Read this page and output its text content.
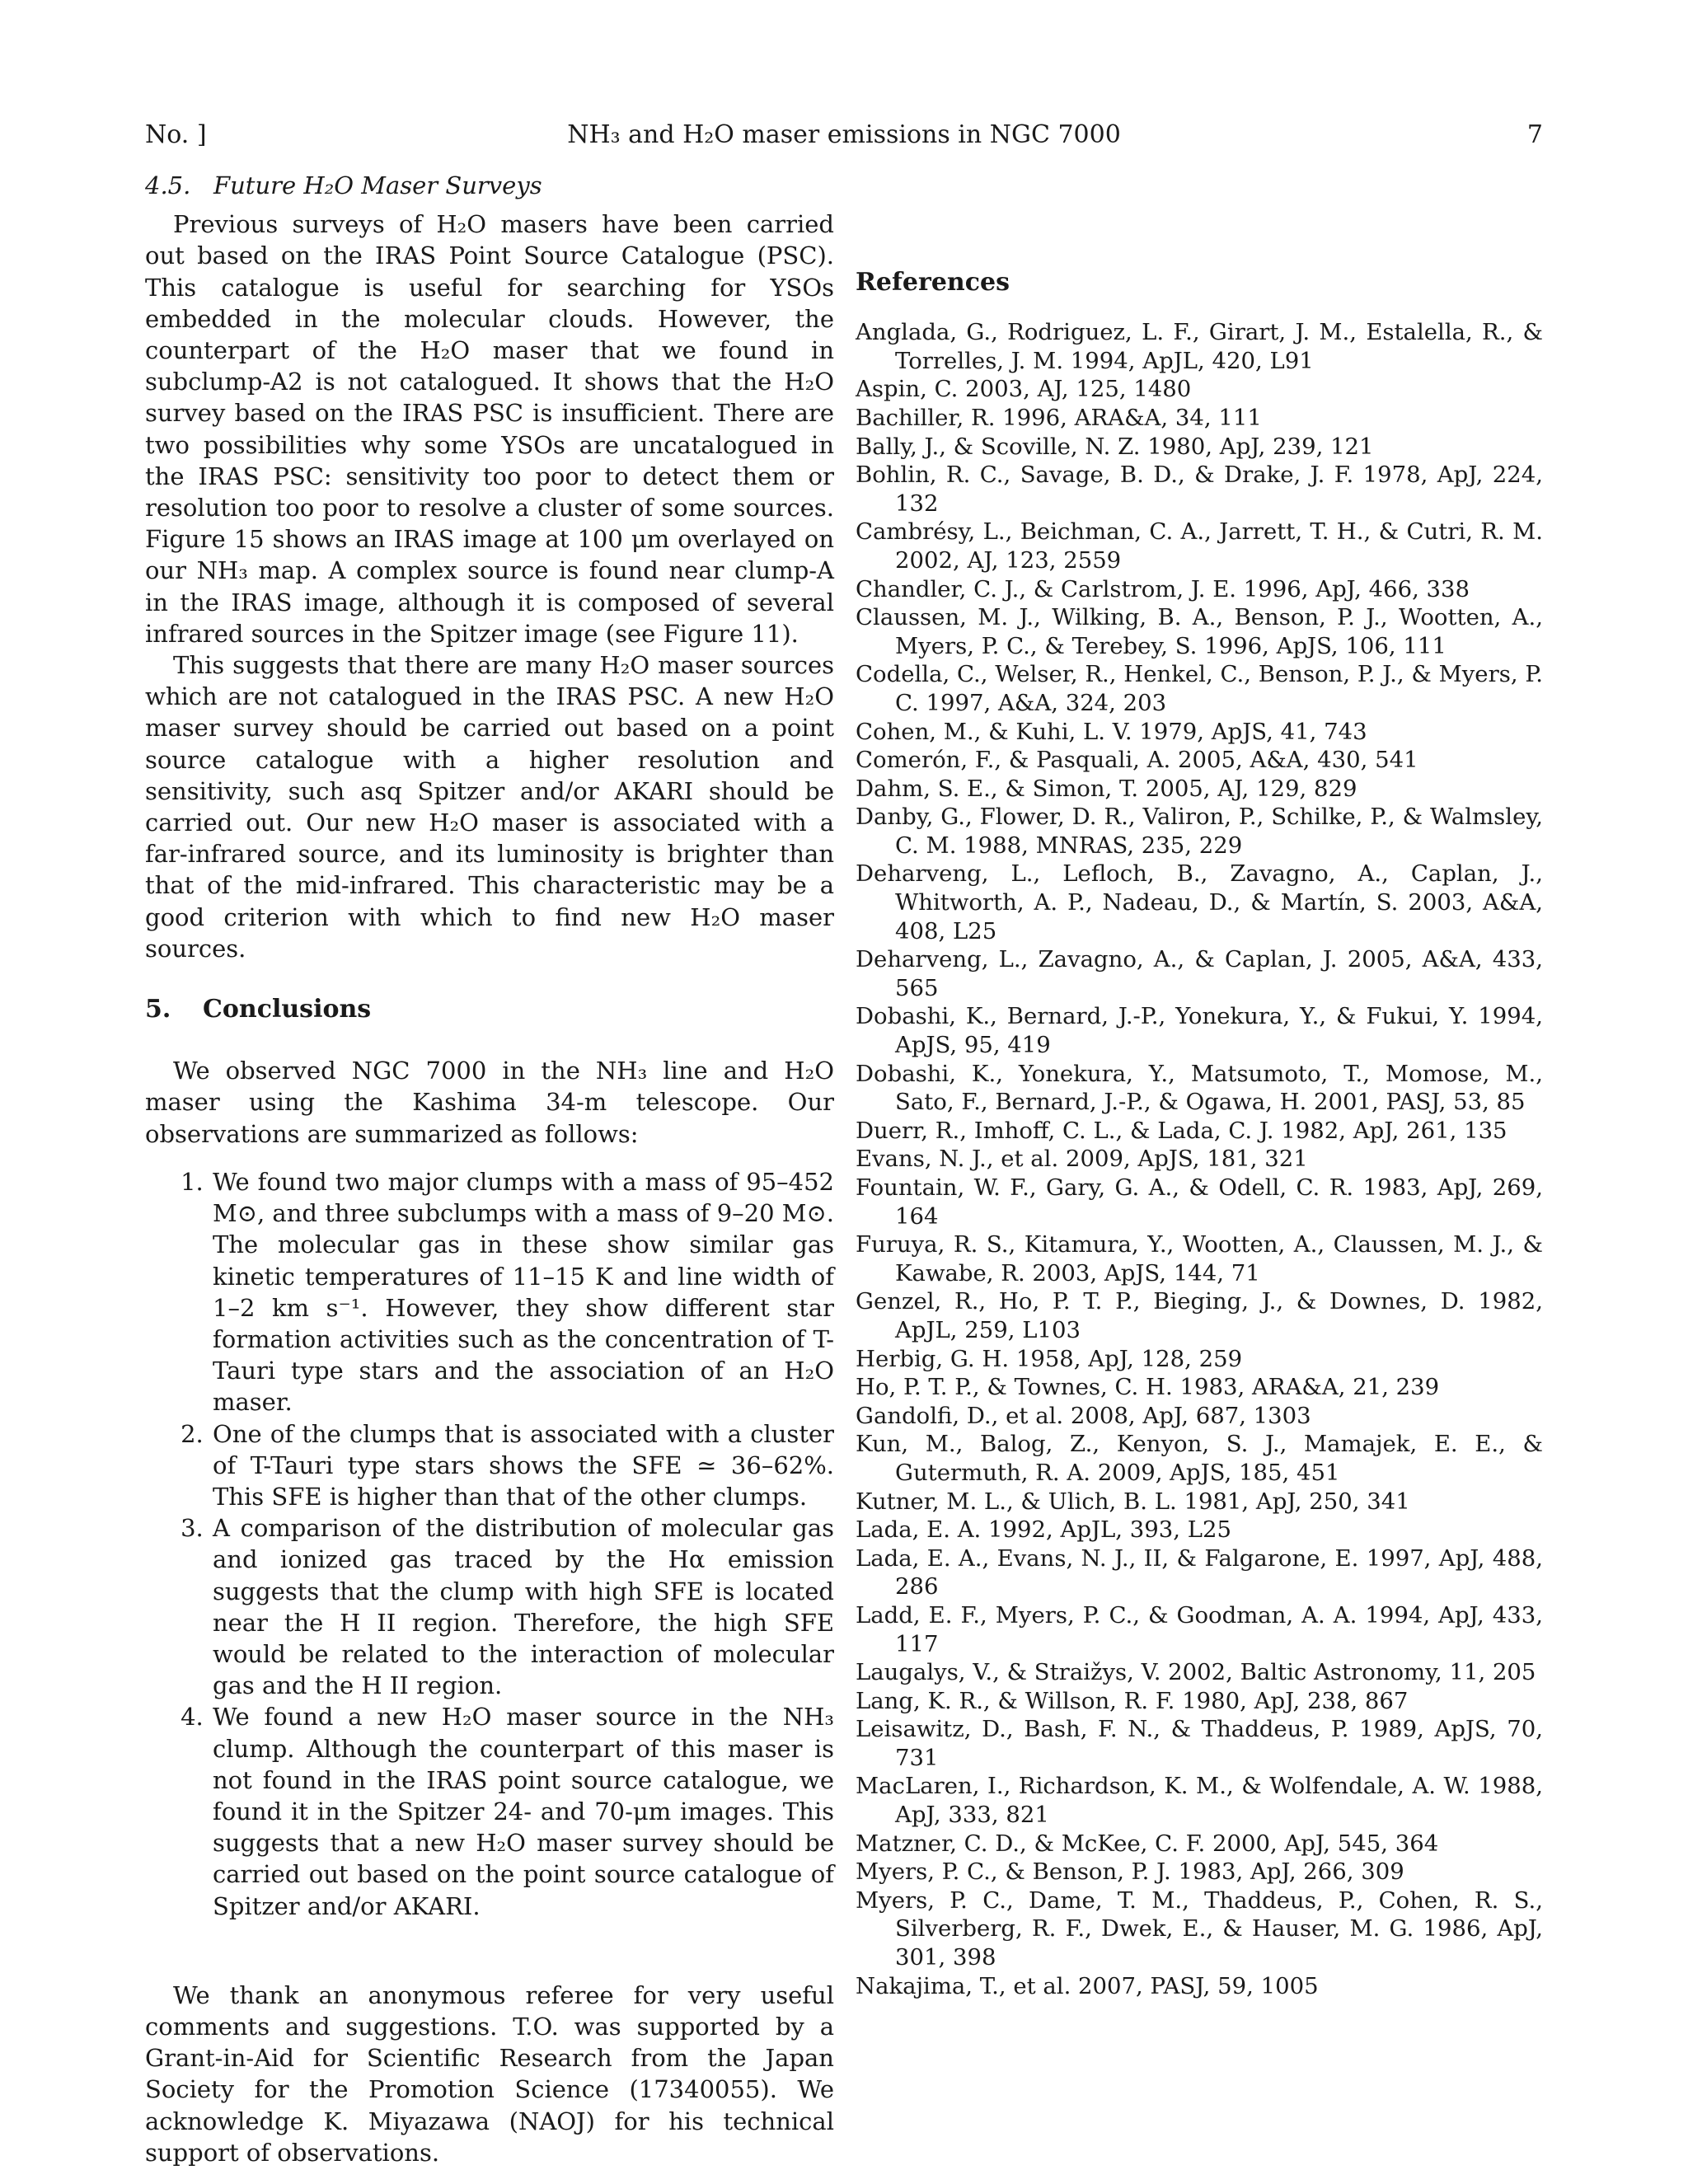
No. ]	NH₃ and H₂O maser emissions in NGC 7000	7
4.5. Future H₂O Maser Surveys

Previous surveys of H₂O masers have been carried out based on the IRAS Point Source Catalogue (PSC). This catalogue is useful for searching for YSOs embedded in the molecular clouds. However, the counterpart of the H₂O maser that we found in subclump-A2 is not catalogued. It shows that the H₂O survey based on the IRAS PSC is insufficient. There are two possibilities why some YSOs are uncatalogued in the IRAS PSC: sensitivity too poor to detect them or resolution too poor to resolve a cluster of some sources. Figure 15 shows an IRAS image at 100 μm overlayed on our NH₃ map. A complex source is found near clump-A in the IRAS image, although it is composed of several infrared sources in the Spitzer image (see Figure 11).

This suggests that there are many H₂O maser sources which are not catalogued in the IRAS PSC. A new H₂O maser survey should be carried out based on a point source catalogue with a higher resolution and sensitivity, such asq Spitzer and/or AKARI should be carried out. Our new H₂O maser is associated with a far-infrared source, and its luminosity is brighter than that of the mid-infrared. This characteristic may be a good criterion with which to find new H₂O maser sources.

5. Conclusions

We observed NGC 7000 in the NH₃ line and H₂O maser using the Kashima 34-m telescope. Our observations are summarized as follows:

1. We found two major clumps with a mass of 95–452 M⊙, and three subclumps with a mass of 9–20 M⊙. The molecular gas in these show similar gas kinetic temperatures of 11–15 K and line width of 1–2 km s⁻¹. However, they show different star formation activities such as the concentration of T-Tauri type stars and the association of an H₂O maser.
2. One of the clumps that is associated with a cluster of T-Tauri type stars shows the SFE ≃ 36–62%. This SFE is higher than that of the other clumps.
3. A comparison of the distribution of molecular gas and ionized gas traced by the Hα emission suggests that the clump with high SFE is located near the H II region. Therefore, the high SFE would be related to the interaction of molecular gas and the H II region.
4. We found a new H₂O maser source in the NH₃ clump. Although the counterpart of this maser is not found in the IRAS point source catalogue, we found it in the Spitzer 24- and 70-μm images. This suggests that a new H₂O maser survey should be carried out based on the point source catalogue of Spitzer and/or AKARI.

We thank an anonymous referee for very useful comments and suggestions. T.O. was supported by a Grant-in-Aid for Scientific Research from the Japan Society for the Promotion Science (17340055). We acknowledge K. Miyazawa (NAOJ) for his technical support of observations.

References

Anglada, G., Rodriguez, L. F., Girart, J. M., Estalella, R., & Torrelles, J. M. 1994, ApJL, 420, L91

Aspin, C. 2003, AJ, 125, 1480

Bachiller, R. 1996, ARA&A, 34, 111

Bally, J., & Scoville, N. Z. 1980, ApJ, 239, 121

Bohlin, R. C., Savage, B. D., & Drake, J. F. 1978, ApJ, 224, 132

Cambrésy, L., Beichman, C. A., Jarrett, T. H., & Cutri, R. M. 2002, AJ, 123, 2559

Chandler, C. J., & Carlstrom, J. E. 1996, ApJ, 466, 338

Claussen, M. J., Wilking, B. A., Benson, P. J., Wootten, A., Myers, P. C., & Terebey, S. 1996, ApJS, 106, 111

Codella, C., Welser, R., Henkel, C., Benson, P. J., & Myers, P. C. 1997, A&A, 324, 203

Cohen, M., & Kuhi, L. V. 1979, ApJS, 41, 743

Comerón, F., & Pasquali, A. 2005, A&A, 430, 541

Dahm, S. E., & Simon, T. 2005, AJ, 129, 829

Danby, G., Flower, D. R., Valiron, P., Schilke, P., & Walmsley, C. M. 1988, MNRAS, 235, 229

Deharveng, L., Lefloch, B., Zavagno, A., Caplan, J., Whitworth, A. P., Nadeau, D., & Martín, S. 2003, A&A, 408, L25

Deharveng, L., Zavagno, A., & Caplan, J. 2005, A&A, 433, 565

Dobashi, K., Bernard, J.-P., Yonekura, Y., & Fukui, Y. 1994, ApJS, 95, 419

Dobashi, K., Yonekura, Y., Matsumoto, T., Momose, M., Sato, F., Bernard, J.-P., & Ogawa, H. 2001, PASJ, 53, 85

Duerr, R., Imhoff, C. L., & Lada, C. J. 1982, ApJ, 261, 135

Evans, N. J., et al. 2009, ApJS, 181, 321

Fountain, W. F., Gary, G. A., & Odell, C. R. 1983, ApJ, 269, 164

Furuya, R. S., Kitamura, Y., Wootten, A., Claussen, M. J., & Kawabe, R. 2003, ApJS, 144, 71

Genzel, R., Ho, P. T. P., Bieging, J., & Downes, D. 1982, ApJL, 259, L103

Herbig, G. H. 1958, ApJ, 128, 259

Ho, P. T. P., & Townes, C. H. 1983, ARA&A, 21, 239

Gandolfi, D., et al. 2008, ApJ, 687, 1303

Kun, M., Balog, Z., Kenyon, S. J., Mamajek, E. E., & Gutermuth, R. A. 2009, ApJS, 185, 451

Kutner, M. L., & Ulich, B. L. 1981, ApJ, 250, 341

Lada, E. A. 1992, ApJL, 393, L25

Lada, E. A., Evans, N. J., II, & Falgarone, E. 1997, ApJ, 488, 286

Ladd, E. F., Myers, P. C., & Goodman, A. A. 1994, ApJ, 433, 117

Laugalys, V., & Straižys, V. 2002, Baltic Astronomy, 11, 205

Lang, K. R., & Willson, R. F. 1980, ApJ, 238, 867

Leisawitz, D., Bash, F. N., & Thaddeus, P. 1989, ApJS, 70, 731

MacLaren, I., Richardson, K. M., & Wolfendale, A. W. 1988, ApJ, 333, 821

Matzner, C. D., & McKee, C. F. 2000, ApJ, 545, 364

Myers, P. C., & Benson, P. J. 1983, ApJ, 266, 309

Myers, P. C., Dame, T. M., Thaddeus, P., Cohen, R. S., Silverberg, R. F., Dwek, E., & Hauser, M. G. 1986, ApJ, 301, 398

Nakajima, T., et al. 2007, PASJ, 59, 1005
